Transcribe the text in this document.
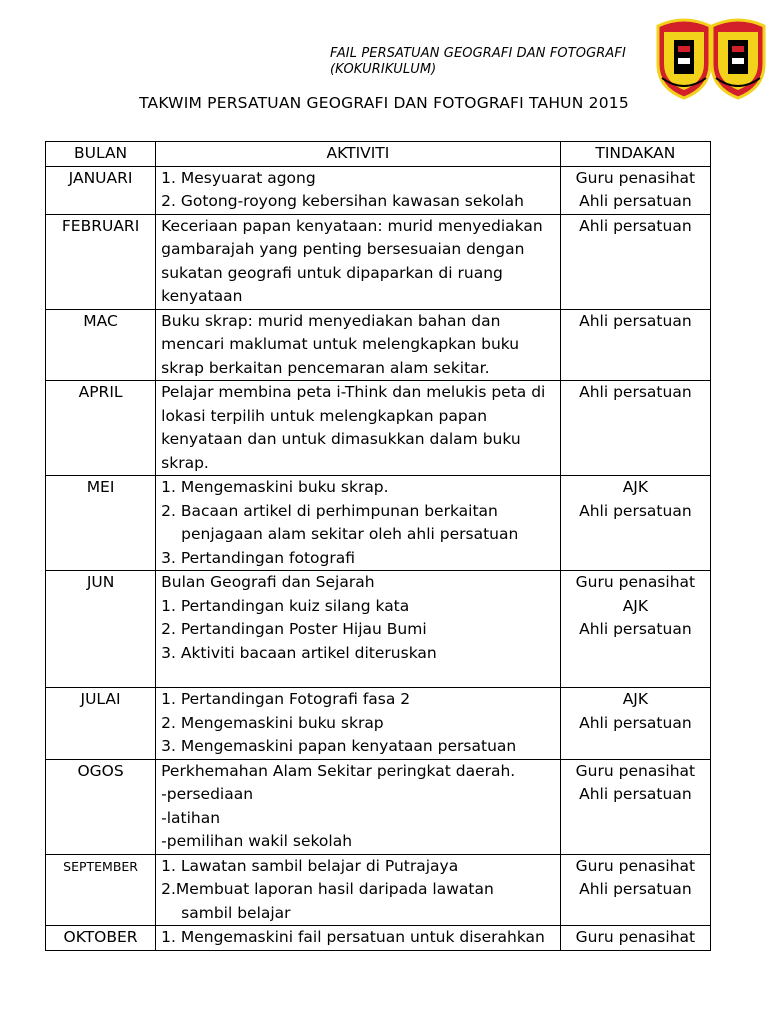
FAIL PERSATUAN GEOGRAFI DAN FOTOGRAFI
(KOKURIKULUM)
TAKWIM PERSATUAN GEOGRAFI DAN FOTOGRAFI TAHUN 2015
BULAN	AKTIVITI	TINDAKAN
JANUARI	1. Mesyuarat agong
2. Gotong-royong kebersihan kawasan sekolah	Guru penasihat
Ahli persatuan

FEBRUARI	Keceriaan papan kenyataan: murid menyediakan
gambarajah yang penting bersesuaian dengan
sukatan geografi untuk dipaparkan di ruang
kenyataan	Ahli persatuan

MAC	Buku skrap: murid menyediakan bahan dan
mencari maklumat untuk melengkapkan buku
skrap berkaitan pencemaran alam sekitar.	Ahli persatuan

APRIL	Pelajar membina peta i-Think dan melukis peta di
lokasi terpilih untuk melengkapkan papan
kenyataan dan untuk dimasukkan dalam buku
skrap.	Ahli persatuan

MEI	1. Mengemaskini buku skrap.
2. Bacaan artikel di perhimpunan berkaitan
penjagaan alam sekitar oleh ahli persatuan
3. Pertandingan fotografi	AJK
Ahli persatuan

JUN	Bulan Geografi dan Sejarah
1. Pertandingan kuiz silang kata
2. Pertandingan Poster Hijau Bumi
3. Aktiviti bacaan artikel diteruskan	Guru penasihat
AJK
Ahli persatuan

JULAI	1. Pertandingan Fotografi fasa 2
2. Mengemaskini buku skrap
3. Mengemaskini papan kenyataan persatuan	AJK
Ahli persatuan

OGOS	Perkhemahan Alam Sekitar peringkat daerah.
-persediaan
-latihan
-pemilihan wakil sekolah	Guru penasihat
Ahli persatuan

SEPTEMBER	1. Lawatan sambil belajar di Putrajaya
2.Membuat laporan hasil daripada lawatan
sambil belajar	Guru penasihat
Ahli persatuan

OKTOBER	1. Mengemaskini fail persatuan untuk diserahkan	Guru penasihat
